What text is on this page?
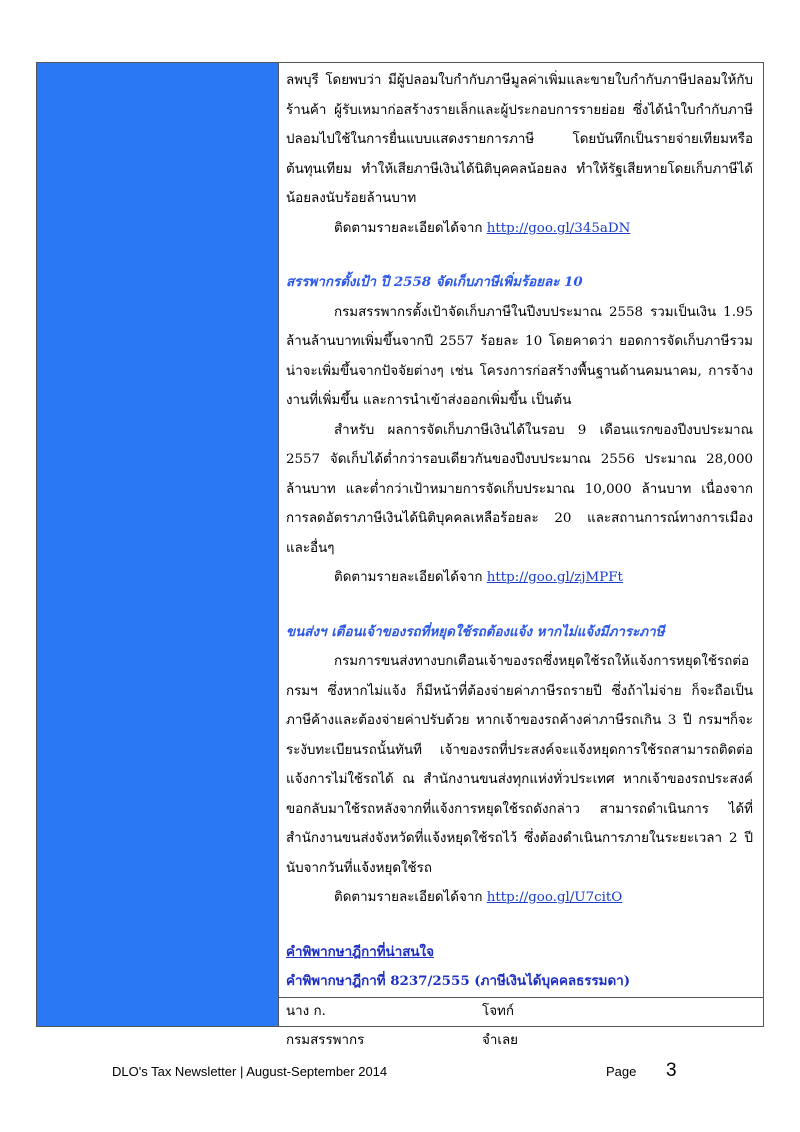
ลพบุรี โดยพบว่า มีผู้ปลอมใบกำกับภาษีมูลค่าเพิ่มและขายใบกำกับภาษีปลอมให้กับร้านค้า ผู้รับเหมาก่อสร้างรายเล็กและผู้ประกอบการรายย่อย ซึ่งได้นำใบกำกับภาษีปลอมไปใช้ในการยื่นแบบแสดงรายการภาษี โดยบันทึกเป็นรายจ่ายเทียมหรือต้นทุนเทียม ทำให้เสียภาษีเงินได้นิติบุคคลน้อยลง ทำให้รัฐเสียหายโดยเก็บภาษีได้น้อยลงนับร้อยล้านบาท

ติดตามรายละเอียดได้จาก http://goo.gl/345aDN

สรรพากรตั้งเป้า ปี 2558 จัดเก็บภาษีเพิ่มร้อยละ 10

กรมสรรพากรตั้งเป้าจัดเก็บภาษีในปีงบประมาณ 2558 รวมเป็นเงิน 1.95 ล้านล้านบาทเพิ่มขึ้นจากปี 2557 ร้อยละ 10 โดยคาดว่า ยอดการจัดเก็บภาษีรวมน่าจะเพิ่มขึ้นจากปัจจัยต่างๆ เช่น โครงการก่อสร้างพื้นฐานด้านคมนาคม, การจ้างงานที่เพิ่มขึ้น และการนำเข้าส่งออกเพิ่มขึ้น เป็นต้น

สำหรับ ผลการจัดเก็บภาษีเงินได้ในรอบ 9 เดือนแรกของปีงบประมาณ 2557 จัดเก็บได้ต่ำกว่ารอบเดียวกันของปีงบประมาณ 2556 ประมาณ 28,000 ล้านบาท และต่ำกว่าเป้าหมายการจัดเก็บประมาณ 10,000 ล้านบาท เนื่องจากการลดอัตราภาษีเงินได้นิติบุคคลเหลือร้อยละ 20 และสถานการณ์ทางการเมืองและอื่นๆ

ติดตามรายละเอียดได้จาก http://goo.gl/zjMPFt

ขนส่งฯ เตือนเจ้าของรถที่หยุดใช้รถต้องแจ้ง หากไม่แจ้งมีภาระภาษี

กรมการขนส่งทางบกเตือนเจ้าของรถซึ่งหยุดใช้รถให้แจ้งการหยุดใช้รถต่อกรมฯ ซึ่งหากไม่แจ้ง ก็มีหน้าที่ต้องจ่ายค่าภาษีรถรายปี ซึ่งถ้าไม่จ่าย ก็จะถือเป็นภาษีค้างและต้องจ่ายค่าปรับด้วย หากเจ้าของรถค้างค่าภาษีรถเกิน 3 ปี กรมฯก็จะระงับทะเบียนรถนั้นทันที เจ้าของรถที่ประสงค์จะแจ้งหยุดการใช้รถสามารถติดต่อแจ้งการไม่ใช้รถได้ ณ สำนักงานขนส่งทุกแห่งทั่วประเทศ หากเจ้าของรถประสงค์ขอกลับมาใช้รถหลังจากที่แจ้งการหยุดใช้รถดังกล่าว สามารถดำเนินการ ได้ที่สำนักงานขนส่งจังหวัดที่แจ้งหยุดใช้รถไว้ ซึ่งต้องดำเนินการภายในระยะเวลา 2 ปีนับจากวันที่แจ้งหยุดใช้รถ

ติดตามรายละเอียดได้จาก http://goo.gl/U7citO

คำพิพากษาฎีกาที่น่าสนใจ

คำพิพากษาฎีกาที่ 8237/2555 (ภาษีเงินได้บุคคลธรรมดา)

นาง ก.	โจทก์
กรมสรรพากร	จำเลย
DLO's Tax Newsletter | August-September 2014	Page 3
